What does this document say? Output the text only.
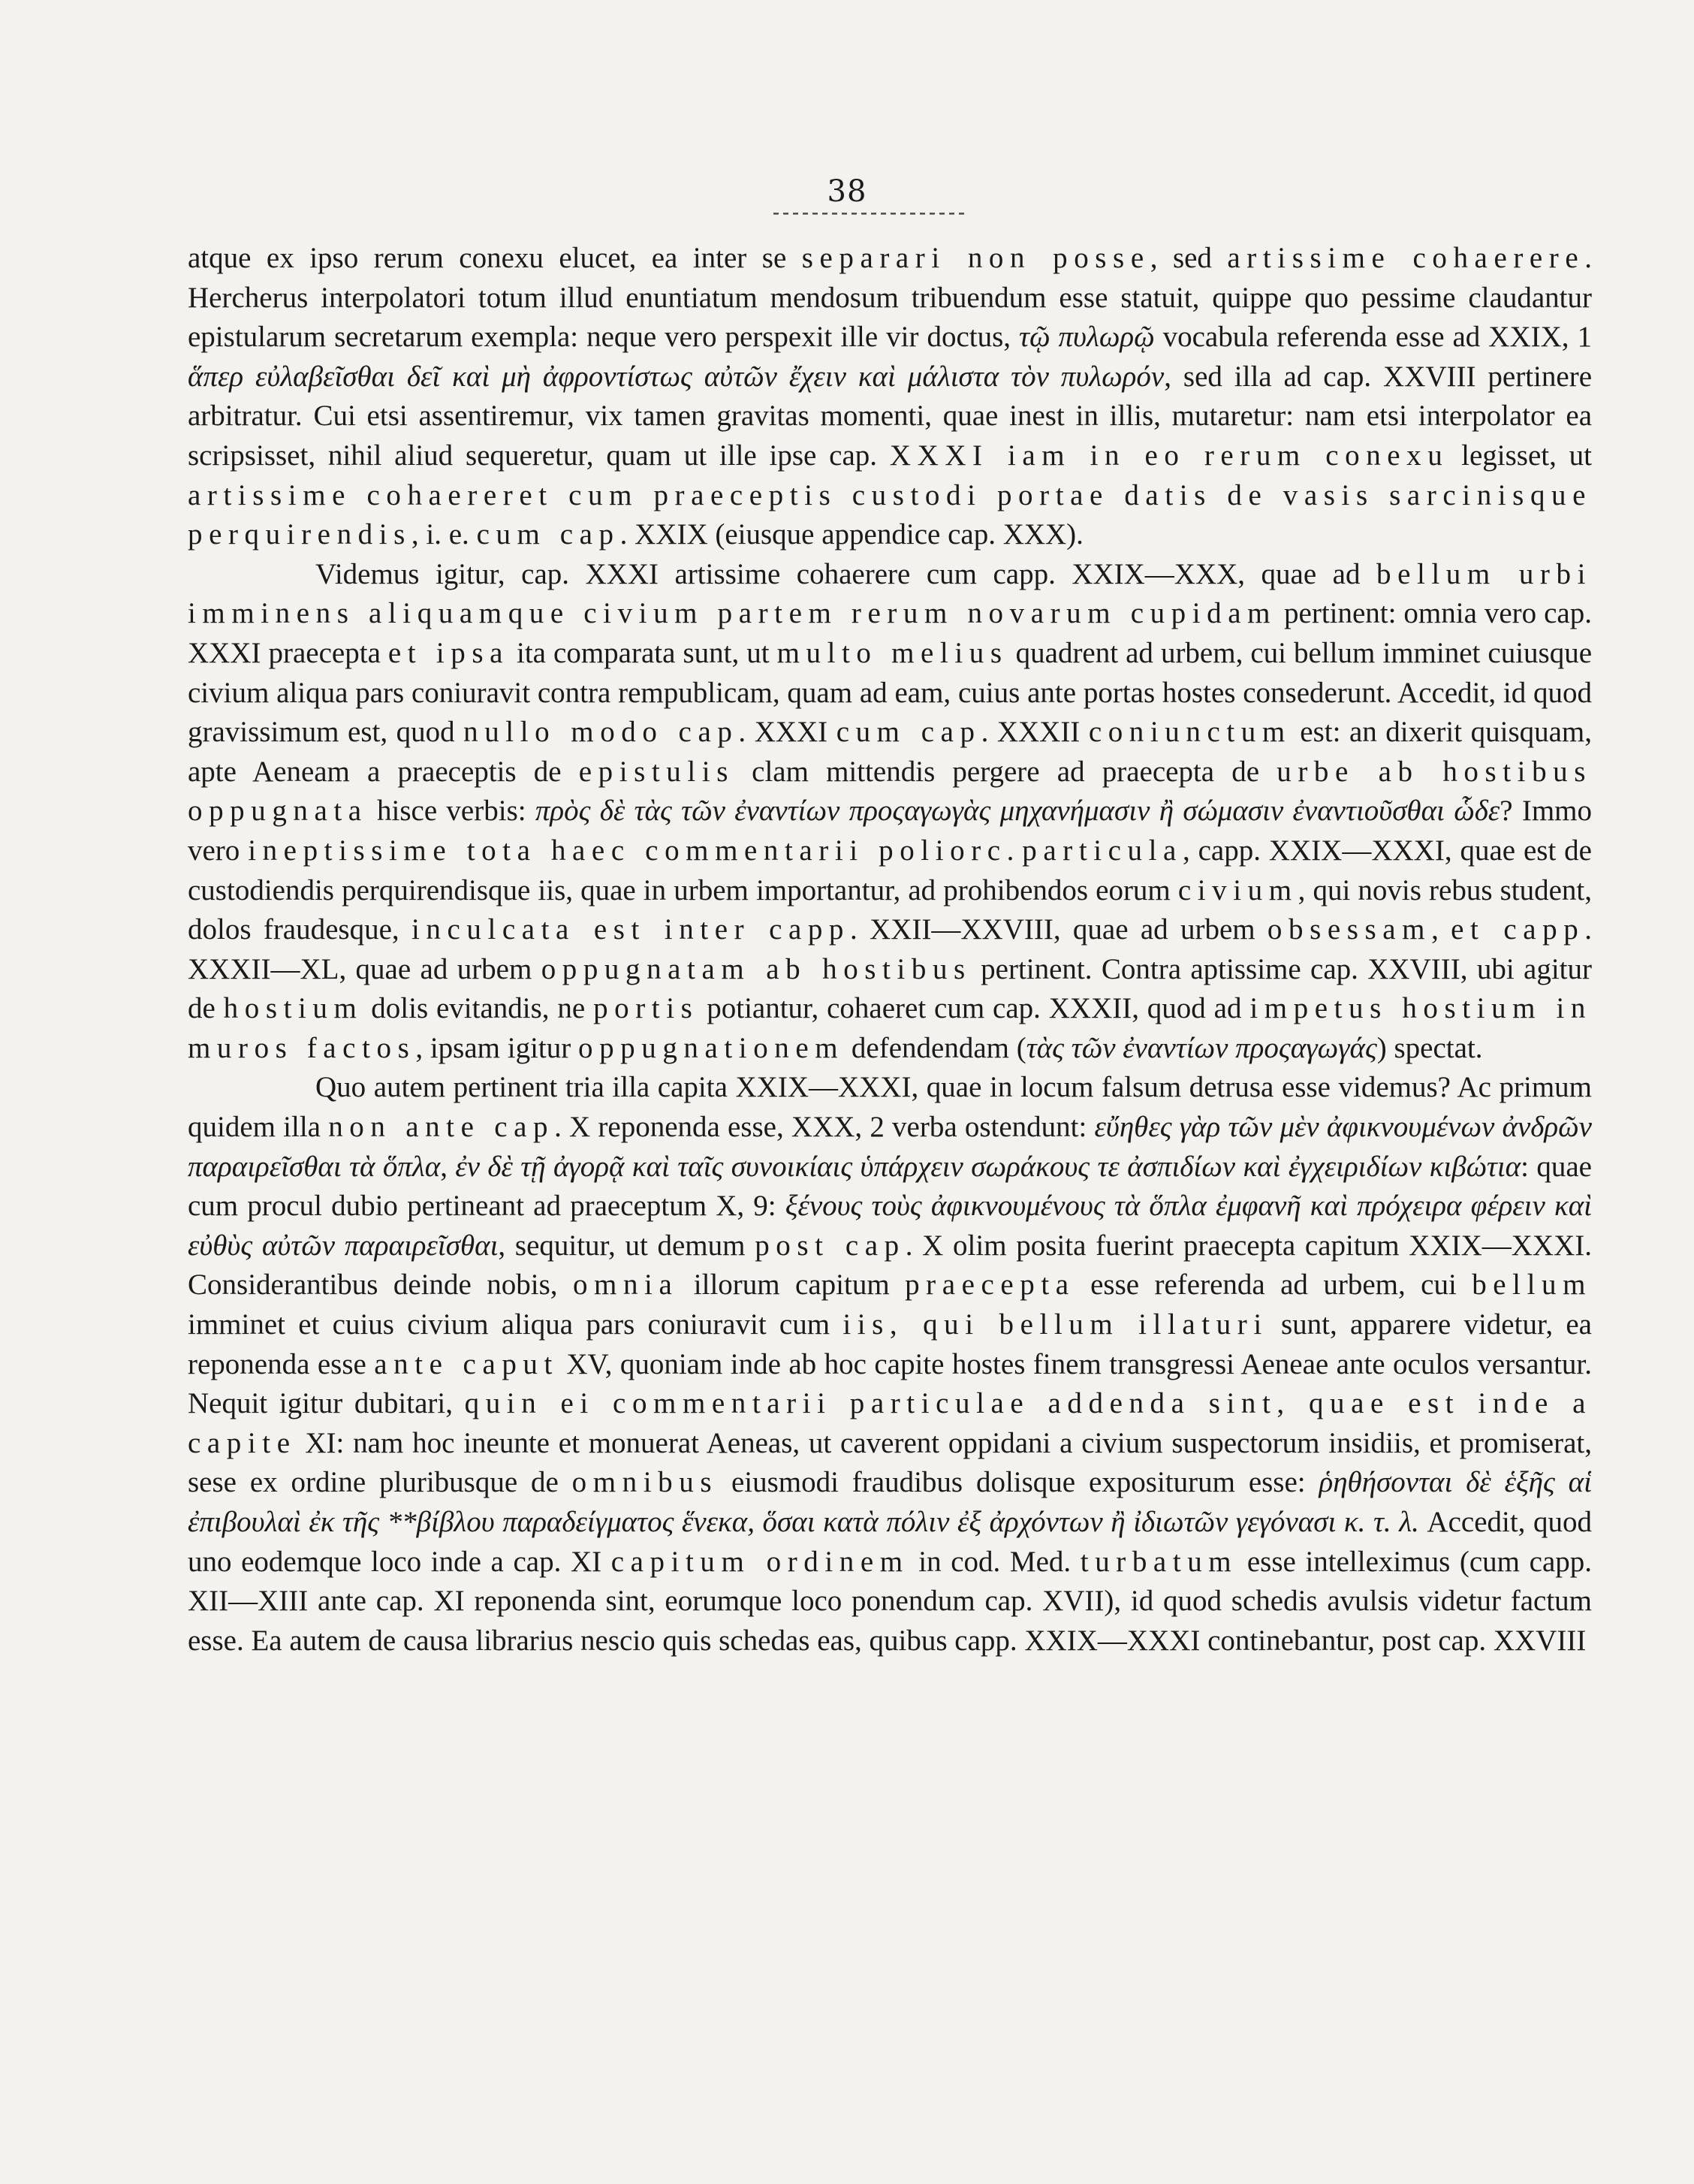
38

atque ex ipso rerum conexu elucet, ea inter se separari non posse, sed artissime cohaerere. Hercherus interpolatori totum illud enuntiatum mendosum tribuendum esse statuit, quippe quo pessime claudantur epistularum secretarum exempla: neque vero perspexit ille vir doctus, τῷ πυλωρῷ vocabula referenda esse ad XXIX, 1 ἅπερ εὐλαβεῖσθαι δεῖ καὶ μὴ ἀφροντίστως αὐτῶν ἔχειν καὶ μάλιστα τὸν πυλωρόν, sed illa ad cap. XXVIII pertinere arbitratur. Cui etsi assentiremur, vix tamen gravitas momenti, quae inest in illis, mutaretur: nam etsi interpolator ea scripsisset, nihil aliud sequeretur, quam ut ille ipse cap. XXXI iam in eo rerum conexu legisset, ut artissime cohaereret cum praeceptis custodi portae datis de vasis sarcinisque perquirendis, i. e. cum cap. XXIX (eiusque appendice cap. XXX).

Videmus igitur, cap. XXXI artissime cohaerere cum capp. XXIX—XXX, quae ad bellum urbi imminens aliquamque civium partem rerum novarum cupidam pertinent: omnia vero cap. XXXI praecepta et ipsa ita comparata sunt, ut multo melius quadrent ad urbem, cui bellum imminet cuiusque civium aliqua pars coniuravit contra rempublicam, quam ad eam, cuius ante portas hostes consederunt. Accedit, id quod gravissimum est, quod nullo modo cap. XXXI cum cap. XXXII coniunctum est: an dixerit quisquam, apte Aeneam a praeceptis de epistulis clam mittendis pergere ad praecepta de urbe ab hostibus oppugnata hisce verbis: πρὸς δὲ τὰς τῶν ἐναντίων προςαγωγὰς μηχανήμασιν ἢ σώμασιν ἐναντιοῦσθαι ὧδε? Immo vero ineptissime tota haec commentarii poliorc. particula, capp. XXIX—XXXI, quae est de custodiendis perquirendisque iis, quae in urbem importantur, ad prohibendos eorum civium, qui novis rebus student, dolos fraudesque, inculcata est inter capp. XXII—XXVIII, quae ad urbem obsessam, et capp. XXXII—XL, quae ad urbem oppugnatam ab hostibus pertinent. Contra aptissime cap. XXVIII, ubi agitur de hostium dolis evitandis, ne portis potiantur, cohaeret cum cap. XXXII, quod ad impetus hostium in muros factos, ipsam igitur oppugnationem defendendam (τὰς τῶν ἐναντίων προςαγωγάς) spectat.

Quo autem pertinent tria illa capita XXIX—XXXI, quae in locum falsum detrusa esse videmus? Ac primum quidem illa non ante cap. X reponenda esse, XXX, 2 verba ostendunt: εὔηθες γὰρ τῶν μὲν ἀφικνουμένων ἀνδρῶν παραιρεῖσθαι τὰ ὅπλα, ἐν δὲ τῇ ἀγορᾷ καὶ ταῖς συνοικίαις ὑπάρχειν σωράκους τε ἀσπιδίων καὶ ἐγχειριδίων κιβώτια: quae cum procul dubio pertineant ad praeceptum X, 9: ξένους τοὺς ἀφικνουμένους τὰ ὅπλα ἐμφανῆ καὶ πρόχειρα φέρειν καὶ εὐθὺς αὐτῶν παραιρεῖσθαι, sequitur, ut demum post cap. X olim posita fuerint praecepta capitum XXIX—XXXI. Considerantibus deinde nobis, omnia illorum capitum praecepta esse referenda ad urbem, cui bellum imminet et cuius civium aliqua pars coniuravit cum iis, qui bellum illaturi sunt, apparere videtur, ea reponenda esse ante caput XV, quoniam inde ab hoc capite hostes finem transgressi Aeneae ante oculos versantur. Nequit igitur dubitari, quin ei commentarii particulae addenda sint, quae est inde a capite XI: nam hoc ineunte et monuerat Aeneas, ut caverent oppidani a civium suspectorum insidiis, et promiserat, sese ex ordine pluribusque de omnibus eiusmodi fraudibus dolisque expositurum esse: ῥηθήσονται δὲ ἑξῆς αἱ ἐπιβουλαὶ ἐκ τῆς **βίβλου παραδείγματος ἕνεκα, ὅσαι κατὰ πόλιν ἐξ ἀρχόντων ἢ ἰδιωτῶν γεγόνασι κ. τ. λ. Accedit, quod uno eodemque loco inde a cap. XI capitum ordinem in cod. Med. turbatum esse intelleximus (cum capp. XII—XIII ante cap. XI reponenda sint, eorumque loco ponendum cap. XVII), id quod schedis avulsis videtur factum esse. Ea autem de causa librarius nescio quis schedas eas, quibus capp. XXIX—XXXI continebantur, post cap. XXVIII
